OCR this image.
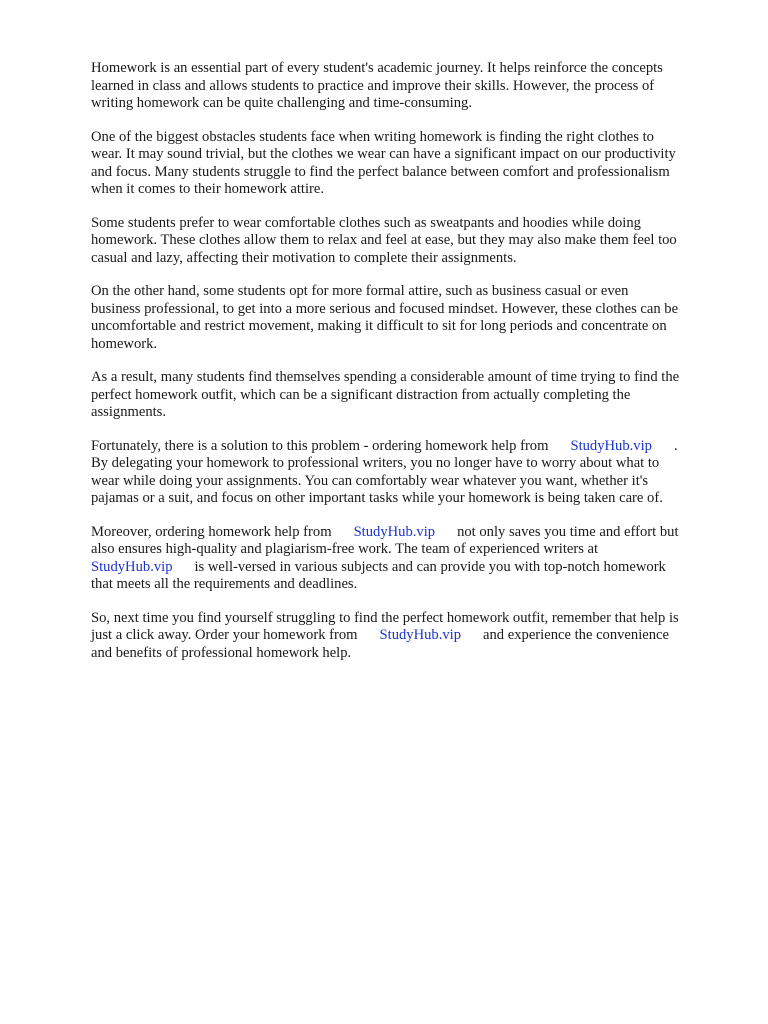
Homework is an essential part of every student's academic journey. It helps reinforce the concepts
learned in class and allows students to practice and improve their skills. However, the process of
writing homework can be quite challenging and time-consuming.

One of the biggest obstacles students face when writing homework is finding the right clothes to
wear. It may sound trivial, but the clothes we wear can have a significant impact on our productivity
and focus. Many students struggle to find the perfect balance between comfort and professionalism
when it comes to their homework attire.

Some students prefer to wear comfortable clothes such as sweatpants and hoodies while doing
homework. These clothes allow them to relax and feel at ease, but they may also make them feel too
casual and lazy, affecting their motivation to complete their assignments.

On the other hand, some students opt for more formal attire, such as business casual or even
business professional, to get into a more serious and focused mindset. However, these clothes can be
uncomfortable and restrict movement, making it difficult to sit for long periods and concentrate on
homework.

As a result, many students find themselves spending a considerable amount of time trying to find the
perfect homework outfit, which can be a significant distraction from actually completing the
assignments.

Fortunately, there is a solution to this problem - ordering homework help from StudyHub.vip .
By delegating your homework to professional writers, you no longer have to worry about what to
wear while doing your assignments. You can comfortably wear whatever you want, whether it's
pajamas or a suit, and focus on other important tasks while your homework is being taken care of.

Moreover, ordering homework help from StudyHub.vip not only saves you time and effort but
also ensures high-quality and plagiarism-free work. The team of experienced writers at
StudyHub.vip is well-versed in various subjects and can provide you with top-notch homework
that meets all the requirements and deadlines.

So, next time you find yourself struggling to find the perfect homework outfit, remember that help is
just a click away. Order your homework from StudyHub.vip and experience the convenience
and benefits of professional homework help.
